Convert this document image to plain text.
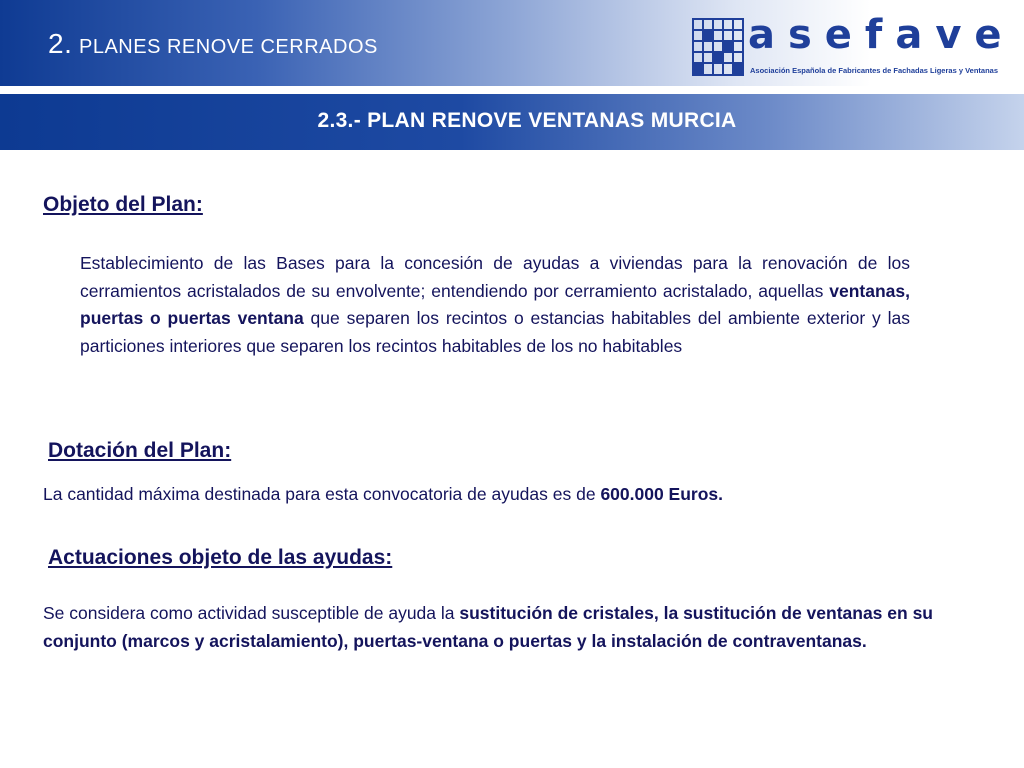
2. PLANES RENOVE CERRADOS	asefave
Asociación Española de Fabricantes de Fachadas Ligeras y Ventanas
2.3.- PLAN RENOVE VENTANAS MURCIA
Objeto del Plan:
Establecimiento de las Bases para la concesión de ayudas a viviendas para la renovación de los cerramientos acristalados de su envolvente; entendiendo por cerramiento acristalado, aquellas ventanas, puertas o puertas ventana que separen los recintos o estancias habitables del ambiente exterior y las particiones interiores que separen los recintos habitables de los no habitables
Dotación del Plan:
La cantidad máxima destinada para esta convocatoria de ayudas es de 600.000 Euros.
Actuaciones objeto de las ayudas:
Se considera como actividad susceptible de ayuda la sustitución de cristales, la sustitución de ventanas en su conjunto (marcos y acristalamiento), puertas-ventana o puertas y la instalación de contraventanas.
